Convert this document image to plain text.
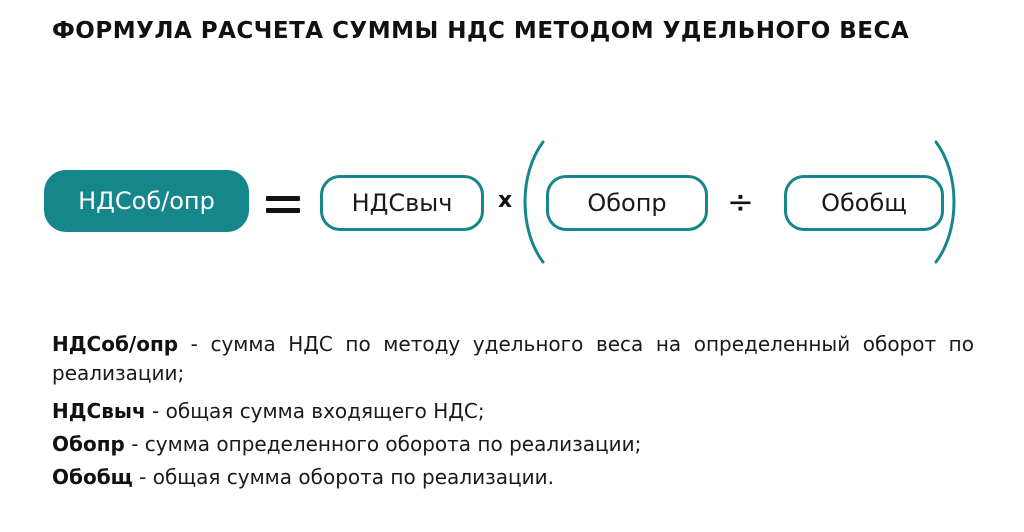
ФОРМУЛА РАСЧЕТА СУММЫ НДС МЕТОДОМ УДЕЛЬНОГО ВЕСА
НДСоб/опр	НДСвыч	x	Обопр	÷	Обобщ
НДСоб/опр - сумма НДС по методу удельного веса на определенный оборот по реализации;
НДСвыч - общая сумма входящего НДС;
Обопр - сумма определенного оборота по реализации;
Обобщ - общая сумма оборота по реализации.
